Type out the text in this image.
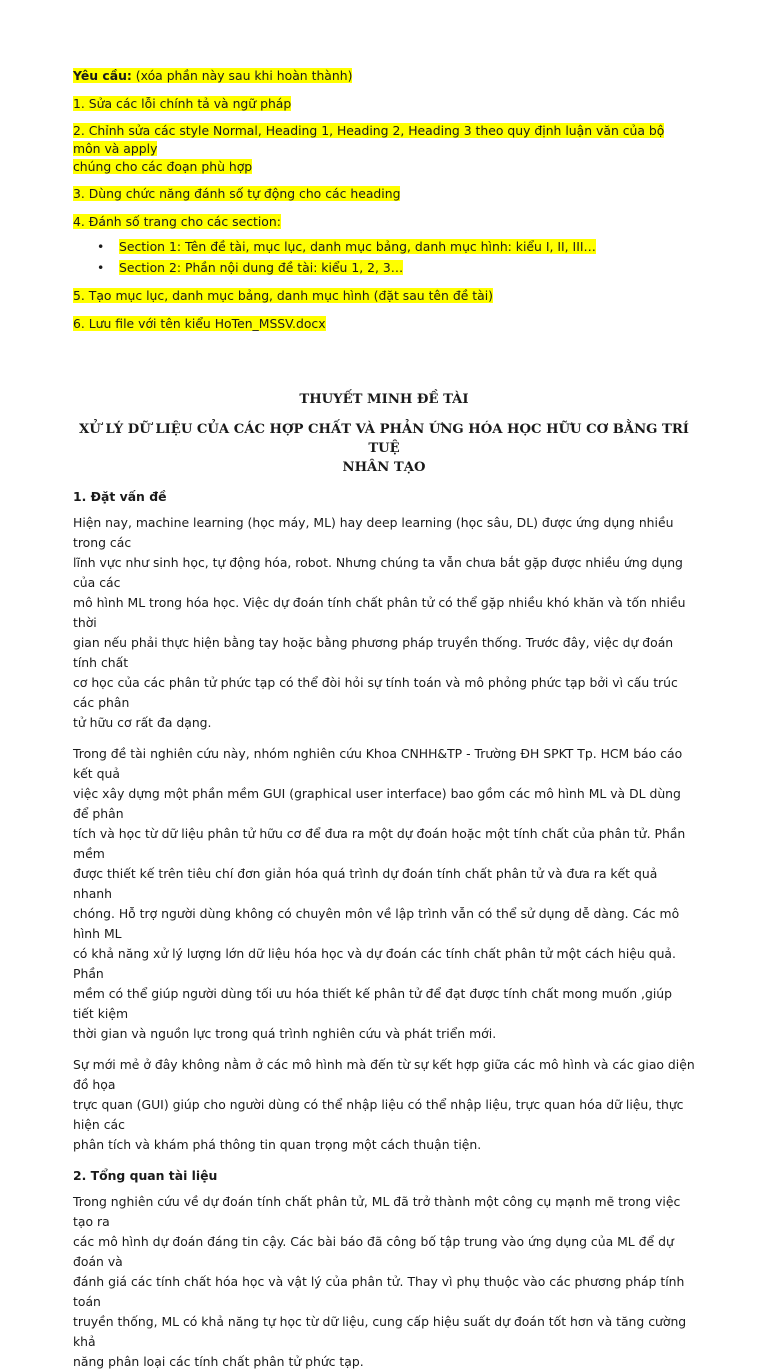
Yêu cầu: (xóa phần này sau khi hoàn thành)

1. Sửa các lỗi chính tả và ngữ pháp

2. Chỉnh sửa các style Normal, Heading 1, Heading 2, Heading 3 theo quy định luận văn của bộ môn và apply
chúng cho các đoạn phù hợp

3. Dùng chức năng đánh số tự động cho các heading

4. Đánh số trang cho các section:

• Section 1: Tên đề tài, mục lục, danh mục bảng, danh mục hình: kiểu I, II, III…
• Section 2: Phần nội dung đề tài: kiểu 1, 2, 3…

5. Tạo mục lục, danh mục bảng, danh mục hình (đặt sau tên đề tài)

6. Lưu file với tên kiểu HoTen_MSSV.docx

THUYẾT MINH ĐỀ TÀI
XỬ LÝ DỮ LIỆU CỦA CÁC HỢP CHẤT VÀ PHẢN ỨNG HÓA HỌC HỮU CƠ BẰNG TRÍ TUỆ
NHÂN TẠO

1. Đặt vấn đề

Hiện nay, machine learning (học máy, ML) hay deep learning (học sâu, DL) được ứng dụng nhiều trong các
lĩnh vực như sinh học, tự động hóa, robot. Nhưng chúng ta vẫn chưa bắt gặp được nhiều ứng dụng của các
mô hình ML trong hóa học. Việc dự đoán tính chất phân tử có thể gặp nhiều khó khăn và tốn nhiều thời
gian nếu phải thực hiện bằng tay hoặc bằng phương pháp truyền thống. Trước đây, việc dự đoán tính chất
cơ học của các phân tử phức tạp có thể đòi hỏi sự tính toán và mô phỏng phức tạp bởi vì cấu trúc các phân
tử hữu cơ rất đa dạng.

Trong đề tài nghiên cứu này, nhóm nghiên cứu Khoa CNHH&TP - Trường ĐH SPKT Tp. HCM báo cáo kết quả
việc xây dựng một phần mềm GUI (graphical user interface) bao gồm các mô hình ML và DL dùng để phân
tích và học từ dữ liệu phân tử hữu cơ để đưa ra một dự đoán hoặc một tính chất của phân tử. Phần mềm
được thiết kế trên tiêu chí đơn giản hóa quá trình dự đoán tính chất phân tử và đưa ra kết quả nhanh
chóng. Hỗ trợ người dùng không có chuyên môn về lập trình vẫn có thể sử dụng dễ dàng. Các mô hình ML
có khả năng xử lý lượng lớn dữ liệu hóa học và dự đoán các tính chất phân tử một cách hiệu quả. Phần
mềm có thể giúp người dùng tối ưu hóa thiết kế phân tử để đạt được tính chất mong muốn ,giúp tiết kiệm
thời gian và nguồn lực trong quá trình nghiên cứu và phát triển mới.

Sự mới mẻ ở đây không nằm ở các mô hình mà đến từ sự kết hợp giữa các mô hình và các giao diện đồ họa
trực quan (GUI) giúp cho người dùng có thể nhập liệu có thể nhập liệu, trực quan hóa dữ liệu, thực hiện các
phân tích và khám phá thông tin quan trọng một cách thuận tiện.

2. Tổng quan tài liệu

Trong nghiên cứu về dự đoán tính chất phân tử, ML đã trở thành một công cụ mạnh mẽ trong việc tạo ra
các mô hình dự đoán đáng tin cậy. Các bài báo đã công bố tập trung vào ứng dụng của ML để dự đoán và
đánh giá các tính chất hóa học và vật lý của phân tử. Thay vì phụ thuộc vào các phương pháp tính toán
truyền thống, ML có khả năng tự học từ dữ liệu, cung cấp hiệu suất dự đoán tốt hơn và tăng cường khả
năng phân loại các tính chất phân tử phức tạp.
